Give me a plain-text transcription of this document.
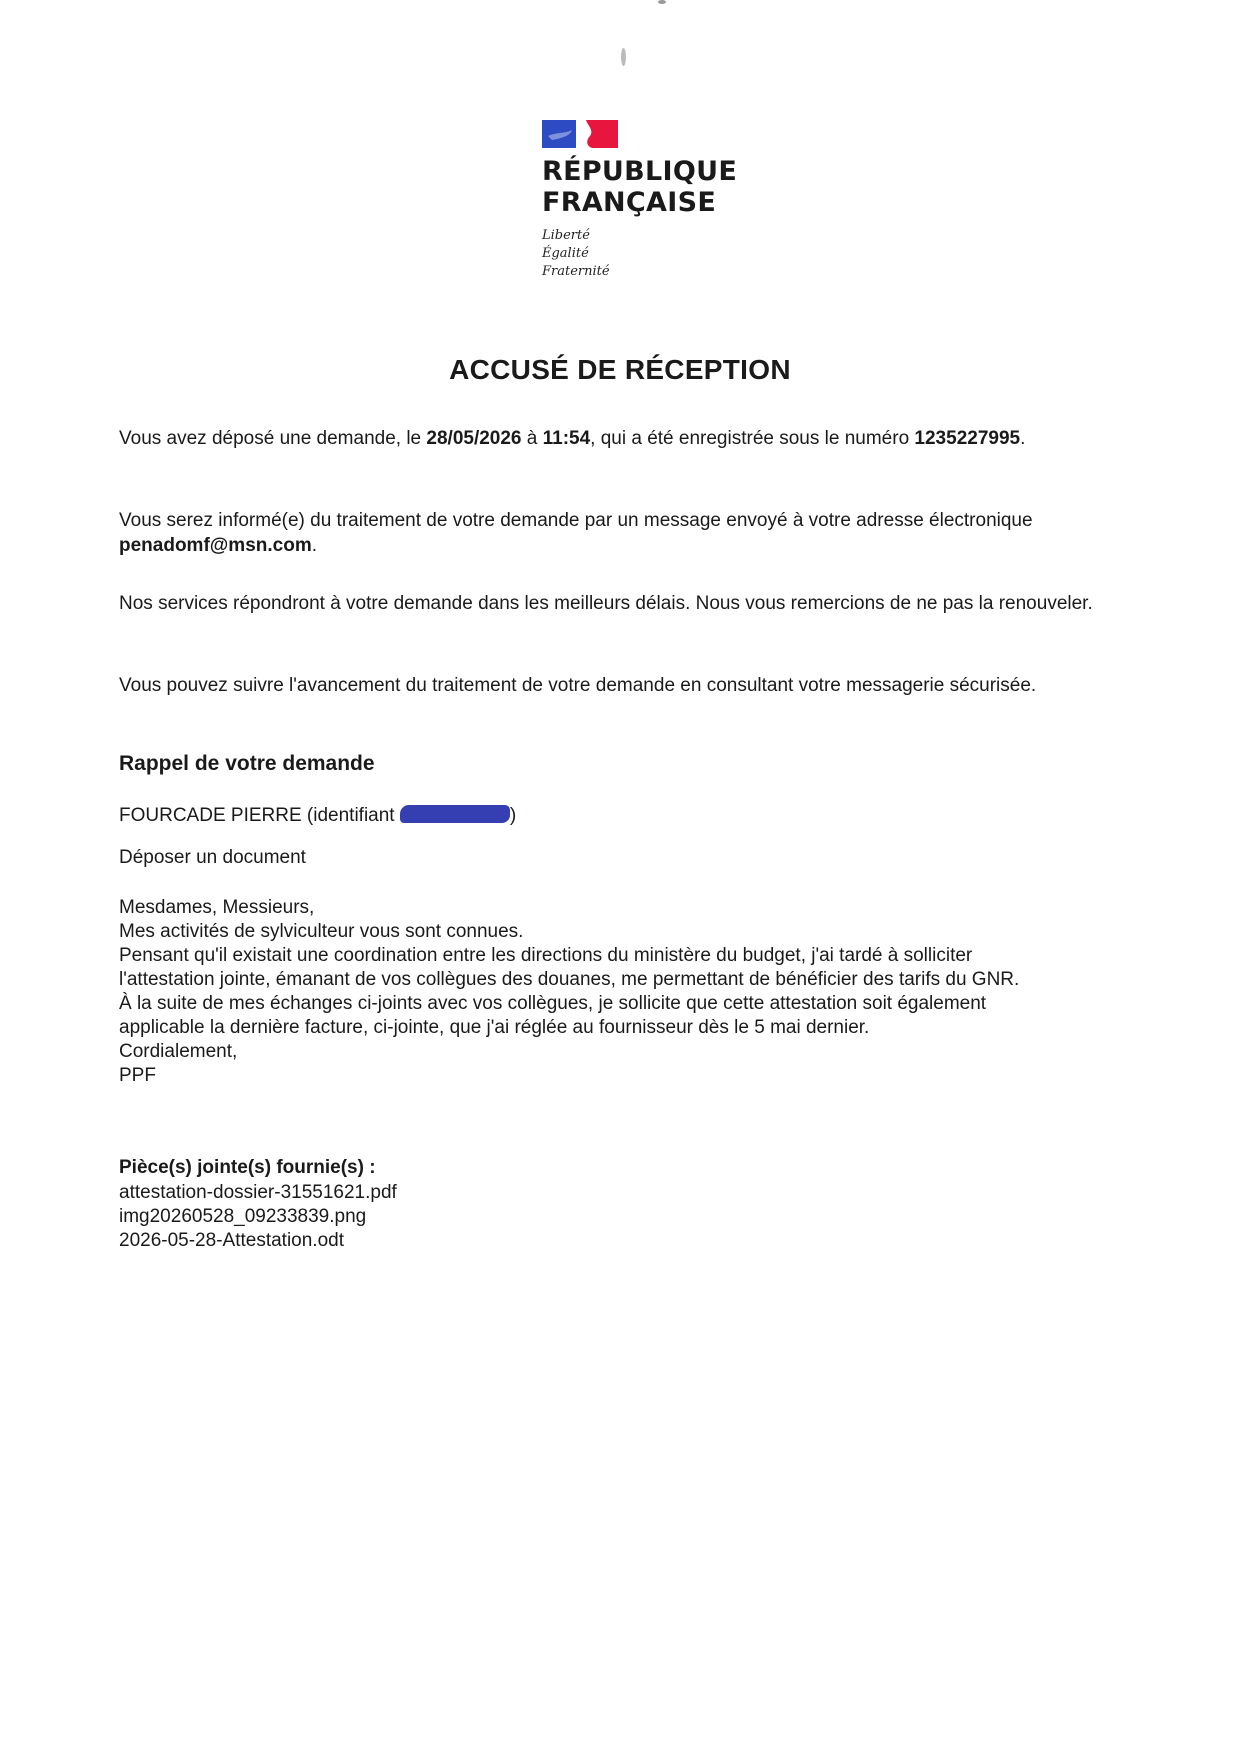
RÉPUBLIQUE
FRANÇAISE
Liberté
Égalité
Fraternité
ACCUSÉ DE RÉCEPTION
Vous avez déposé une demande, le 28/05/2026 à 11:54, qui a été enregistrée sous le numéro 1235227995.
Vous serez informé(e) du traitement de votre demande par un message envoyé à votre adresse électronique penadomf@msn.com.
Nos services répondront à votre demande dans les meilleurs délais. Nous vous remercions de ne pas la renouveler.
Vous pouvez suivre l'avancement du traitement de votre demande en consultant votre messagerie sécurisée.
Rappel de votre demande
FOURCADE PIERRE (identifiant	)
Déposer un document
Mesdames, Messieurs,
Mes activités de sylviculteur vous sont connues.
Pensant qu'il existait une coordination entre les directions du ministère du budget, j'ai tardé à solliciter
l'attestation jointe, émanant de vos collègues des douanes, me permettant de bénéficier des tarifs du GNR.
À la suite de mes échanges ci-joints avec vos collègues, je sollicite que cette attestation soit également
applicable la dernière facture, ci-jointe, que j'ai réglée au fournisseur dès le 5 mai dernier.
Cordialement,
PPF
Pièce(s) jointe(s) fournie(s) :
attestation-dossier-31551621.pdf
img20260528_09233839.png
2026-05-28-Attestation.odt
